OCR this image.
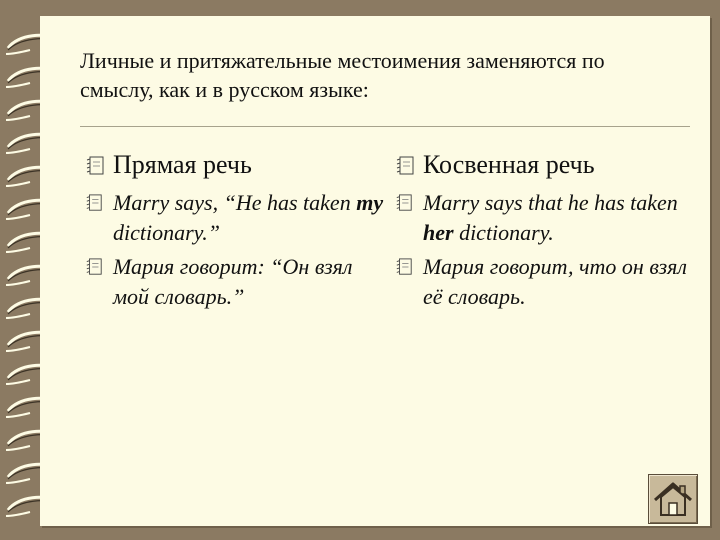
Личные и притяжательные местоимения заменяются по смыслу, как и в русском языке:
Прямая речь
Marry says, “He has taken my dictionary.”
Мария говорит: “Он взял мой словарь.”
Косвенная речь
Marry says that he has taken her dictionary.
Мария говорит, что он взял её словарь.
